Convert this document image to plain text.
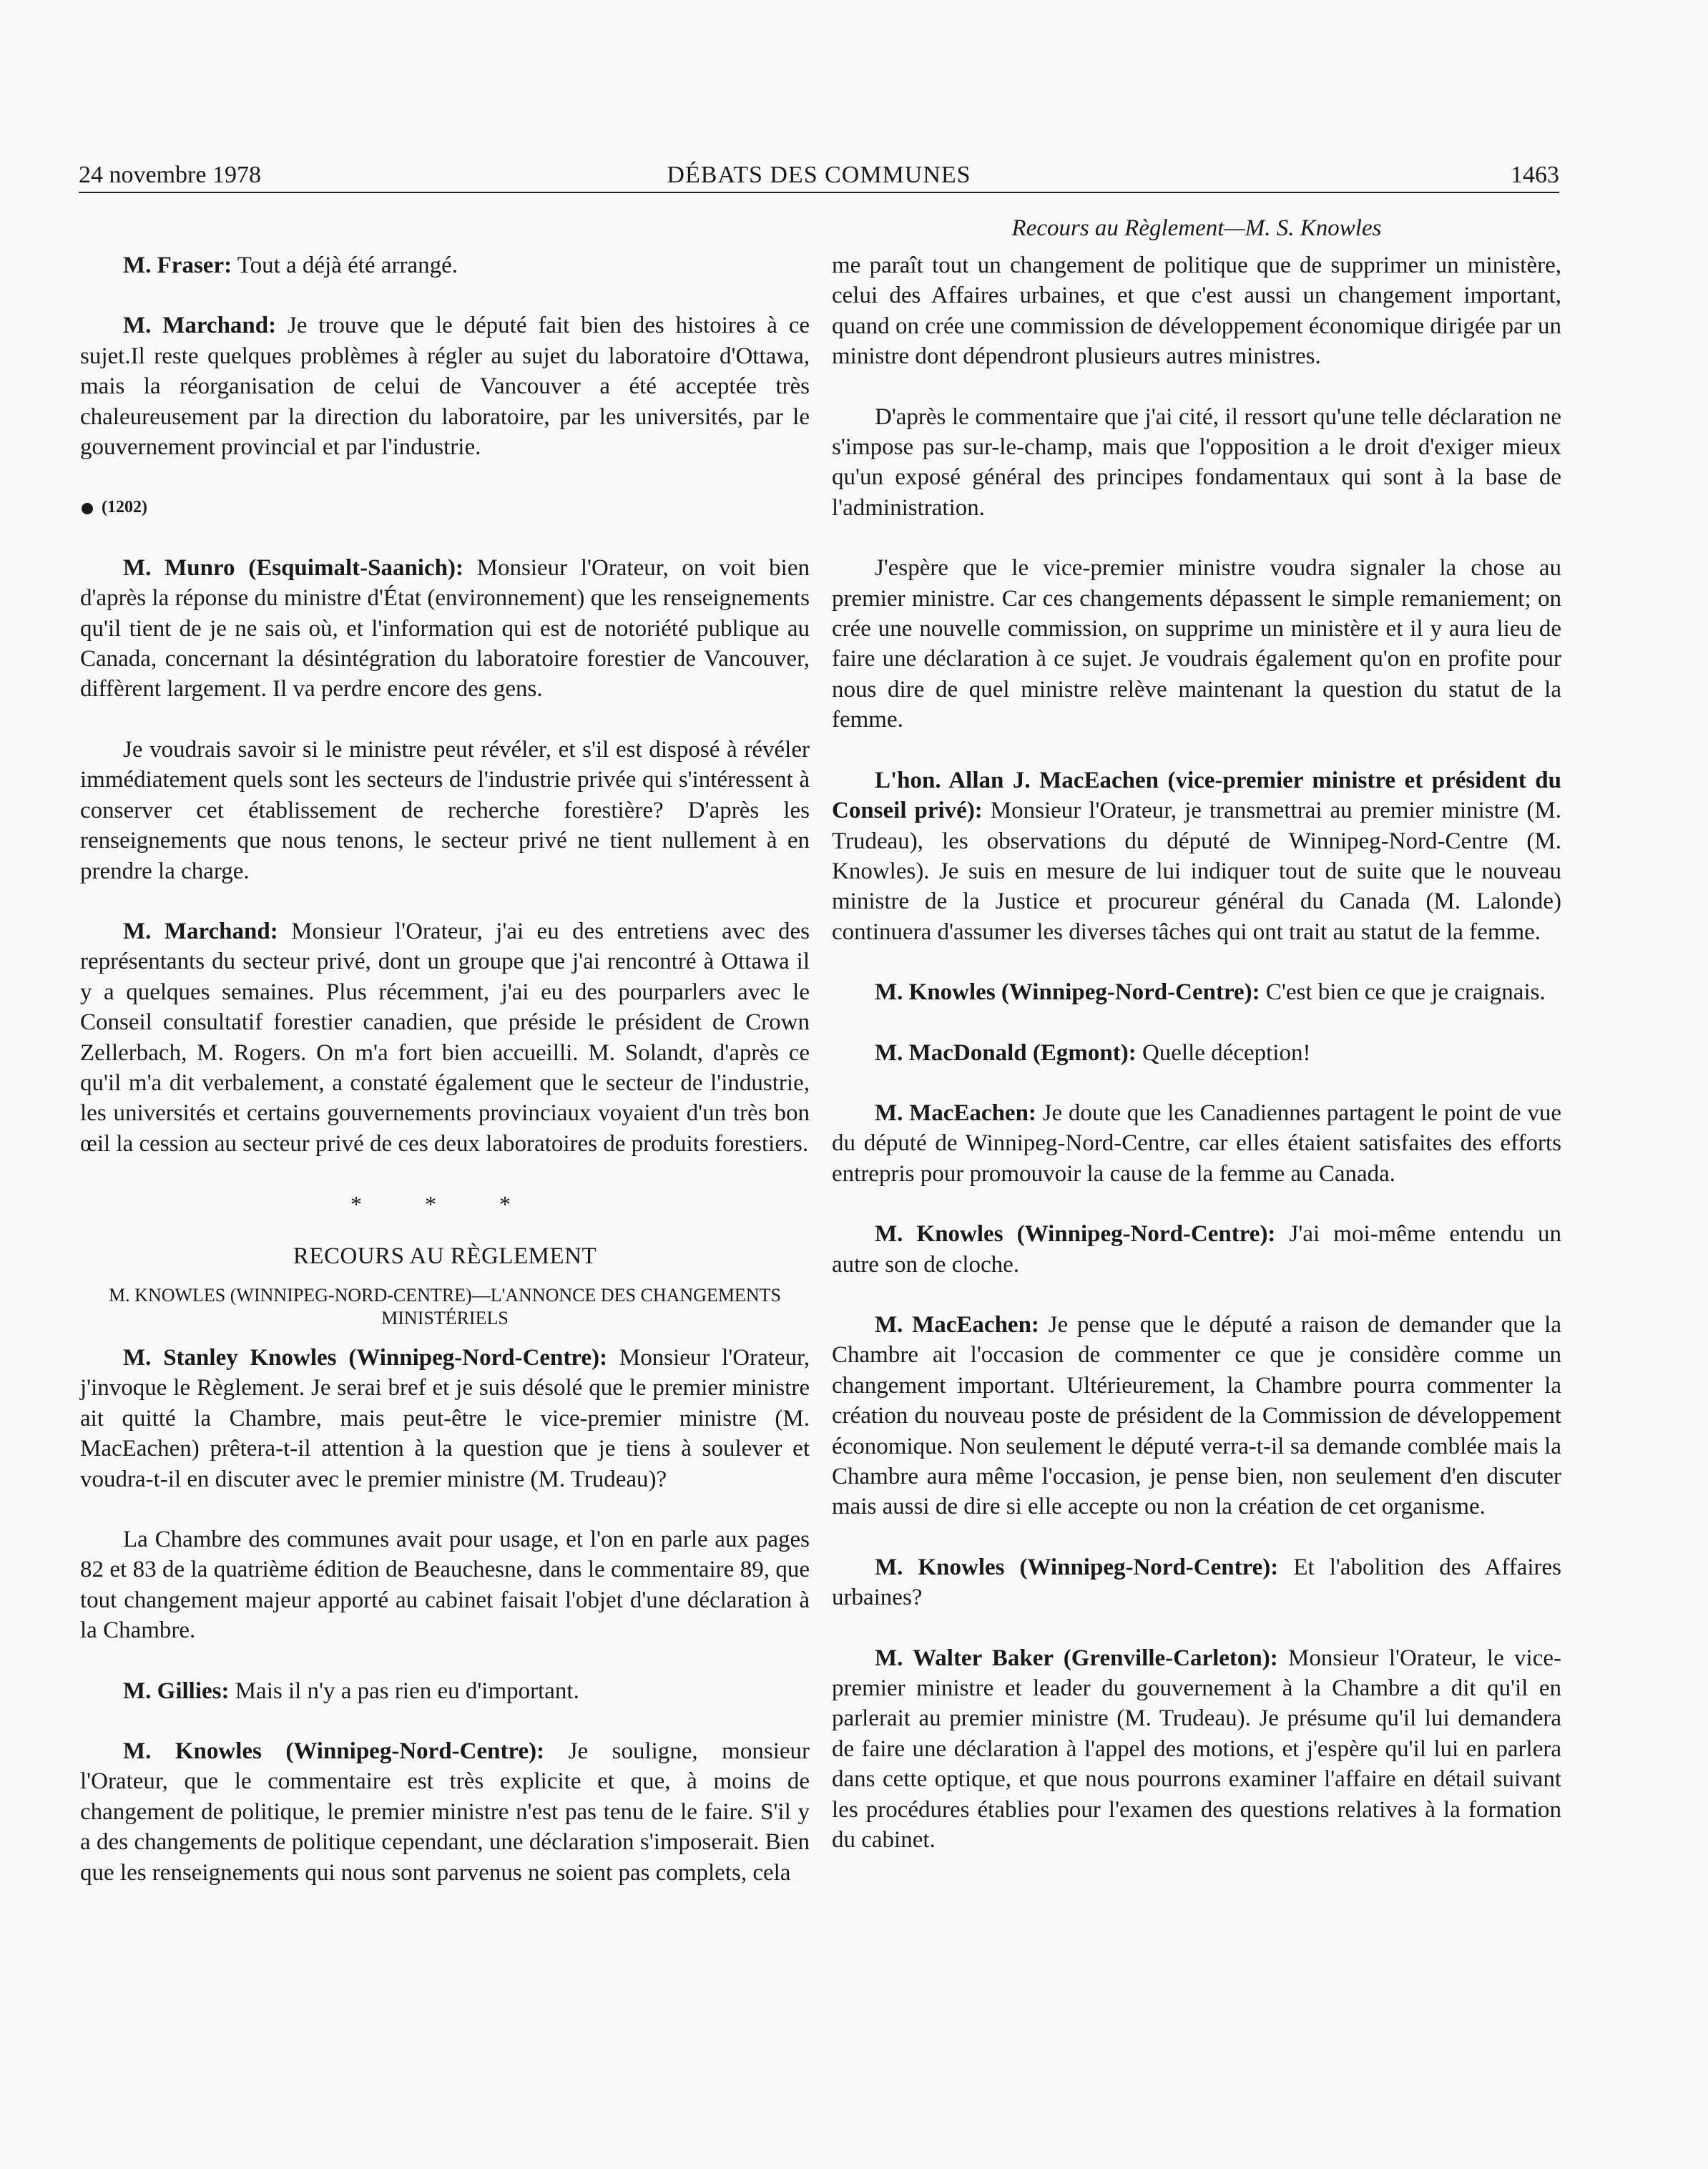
24 novembre 1978	DÉBATS DES COMMUNES	1463
Recours au Règlement—M. S. Knowles

M. Fraser: Tout a déjà été arrangé.

M. Marchand: Je trouve que le député fait bien des histoires à ce sujet.Il reste quelques problèmes à régler au sujet du laboratoire d'Ottawa, mais la réorganisation de celui de Vancouver a été acceptée très chaleureusement par la direction du laboratoire, par les universités, par le gouvernement provincial et par l'industrie.

(1202)

M. Munro (Esquimalt-Saanich): Monsieur l'Orateur, on voit bien d'après la réponse du ministre d'État (environnement) que les renseignements qu'il tient de je ne sais où, et l'information qui est de notoriété publique au Canada, concernant la désintégration du laboratoire forestier de Vancouver, diffèrent largement. Il va perdre encore des gens.

Je voudrais savoir si le ministre peut révéler, et s'il est disposé à révéler immédiatement quels sont les secteurs de l'industrie privée qui s'intéressent à conserver cet établissement de recherche forestière? D'après les renseignements que nous tenons, le secteur privé ne tient nullement à en prendre la charge.

M. Marchand: Monsieur l'Orateur, j'ai eu des entretiens avec des représentants du secteur privé, dont un groupe que j'ai rencontré à Ottawa il y a quelques semaines. Plus récemment, j'ai eu des pourparlers avec le Conseil consultatif forestier canadien, que préside le président de Crown Zellerbach, M. Rogers. On m'a fort bien accueilli. M. Solandt, d'après ce qu'il m'a dit verbalement, a constaté également que le secteur de l'industrie, les universités et certains gouvernements provinciaux voyaient d'un très bon œil la cession au secteur privé de ces deux laboratoires de produits forestiers.

* * *
RECOURS AU RÈGLEMENT
M. KNOWLES (WINNIPEG-NORD-CENTRE)—L'ANNONCE DES CHANGEMENTS MINISTÉRIELS

M. Stanley Knowles (Winnipeg-Nord-Centre): Monsieur l'Orateur, j'invoque le Règlement. Je serai bref et je suis désolé que le premier ministre ait quitté la Chambre, mais peut-être le vice-premier ministre (M. MacEachen) prêtera-t-il attention à la question que je tiens à soulever et voudra-t-il en discuter avec le premier ministre (M. Trudeau)?

La Chambre des communes avait pour usage, et l'on en parle aux pages 82 et 83 de la quatrième édition de Beauchesne, dans le commentaire 89, que tout changement majeur apporté au cabinet faisait l'objet d'une déclaration à la Chambre.

M. Gillies: Mais il n'y a pas rien eu d'important.

M. Knowles (Winnipeg-Nord-Centre): Je souligne, monsieur l'Orateur, que le commentaire est très explicite et que, à moins de changement de politique, le premier ministre n'est pas tenu de le faire. S'il y a des changements de politique cependant, une déclaration s'imposerait. Bien que les renseignements qui nous sont parvenus ne soient pas complets, cela

me paraît tout un changement de politique que de supprimer un ministère, celui des Affaires urbaines, et que c'est aussi un changement important, quand on crée une commission de développement économique dirigée par un ministre dont dépendront plusieurs autres ministres.

D'après le commentaire que j'ai cité, il ressort qu'une telle déclaration ne s'impose pas sur-le-champ, mais que l'opposition a le droit d'exiger mieux qu'un exposé général des principes fondamentaux qui sont à la base de l'administration.

J'espère que le vice-premier ministre voudra signaler la chose au premier ministre. Car ces changements dépassent le simple remaniement; on crée une nouvelle commission, on supprime un ministère et il y aura lieu de faire une déclaration à ce sujet. Je voudrais également qu'on en profite pour nous dire de quel ministre relève maintenant la question du statut de la femme.

L'hon. Allan J. MacEachen (vice-premier ministre et président du Conseil privé): Monsieur l'Orateur, je transmettrai au premier ministre (M. Trudeau), les observations du député de Winnipeg-Nord-Centre (M. Knowles). Je suis en mesure de lui indiquer tout de suite que le nouveau ministre de la Justice et procureur général du Canada (M. Lalonde) continuera d'assumer les diverses tâches qui ont trait au statut de la femme.

M. Knowles (Winnipeg-Nord-Centre): C'est bien ce que je craignais.

M. MacDonald (Egmont): Quelle déception!

M. MacEachen: Je doute que les Canadiennes partagent le point de vue du député de Winnipeg-Nord-Centre, car elles étaient satisfaites des efforts entrepris pour promouvoir la cause de la femme au Canada.

M. Knowles (Winnipeg-Nord-Centre): J'ai moi-même entendu un autre son de cloche.

M. MacEachen: Je pense que le député a raison de demander que la Chambre ait l'occasion de commenter ce que je considère comme un changement important. Ultérieurement, la Chambre pourra commenter la création du nouveau poste de président de la Commission de développement économique. Non seulement le député verra-t-il sa demande comblée mais la Chambre aura même l'occasion, je pense bien, non seulement d'en discuter mais aussi de dire si elle accepte ou non la création de cet organisme.

M. Knowles (Winnipeg-Nord-Centre): Et l'abolition des Affaires urbaines?

M. Walter Baker (Grenville-Carleton): Monsieur l'Orateur, le vice-premier ministre et leader du gouvernement à la Chambre a dit qu'il en parlerait au premier ministre (M. Trudeau). Je présume qu'il lui demandera de faire une déclaration à l'appel des motions, et j'espère qu'il lui en parlera dans cette optique, et que nous pourrons examiner l'affaire en détail suivant les procédures établies pour l'examen des questions relatives à la formation du cabinet.
